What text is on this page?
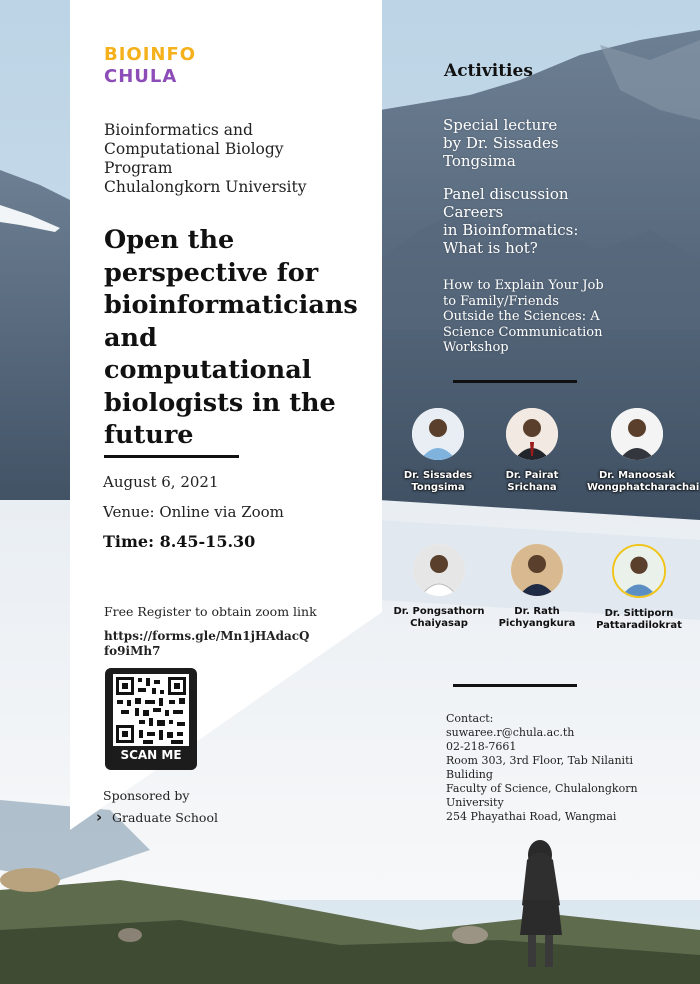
BIOINFO
CHULA
Bioinformatics and
Computational Biology
Program
Chulalongkorn University
Open the
perspective for
bioinformaticians
and
computational
biologists in the
future
August 6, 2021
Venue: Online via Zoom
Time: 8.45-15.30
Free Register to obtain zoom link
https://forms.gle/Mn1jHAdacQfo9iMh7
SCAN ME
Sponsored by
› Graduate School
Activities
Special lecture
by Dr. Sissades
Tongsima
Panel discussion
Careers
in Bioinformatics:
What is hot?
How to Explain Your Job
to Family/Friends
Outside the Sciences: A
Science Communication
Workshop
Dr. Sissades
Tongsima
Dr. Pairat
Srichana
Dr. Manoosak
Wongphatcharachai
Dr. Pongsathorn
Chaiyasap
Dr. Rath
Pichyangkura
Dr. Sittiporn
Pattaradilokrat
Contact:
suwaree.r@chula.ac.th
02-218-7661
Room 303, 3rd Floor, Tab Nilaniti
Buliding
Faculty of Science, Chulalongkorn
University
254 Phayathai Road, Wangmai
